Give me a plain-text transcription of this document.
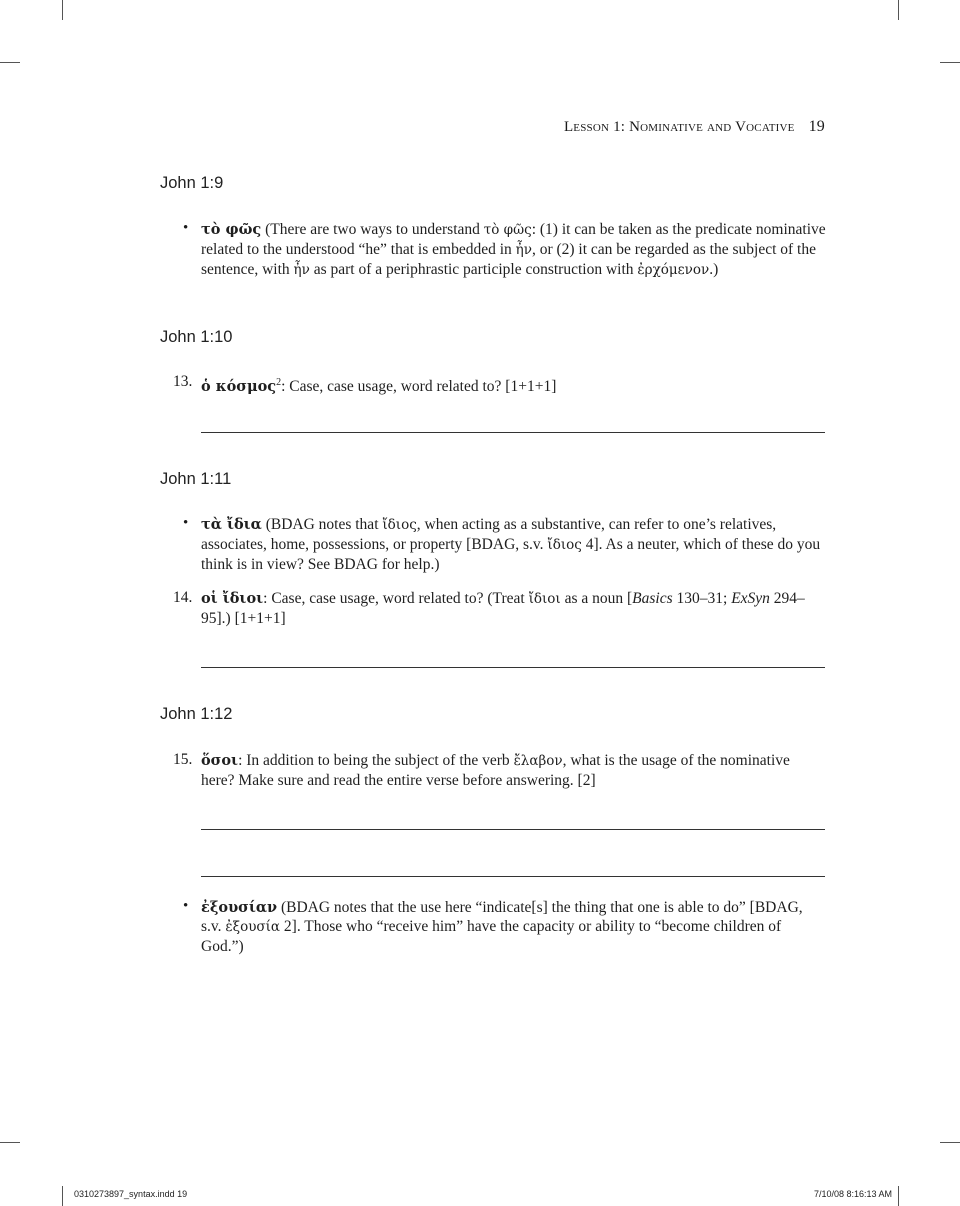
Lesson 1: Nominative and Vocative 19
John 1:9
• τὸ φῶς (There are two ways to understand τὸ φῶς: (1) it can be taken as the predicate nominative related to the understood “he” that is embedded in ἦν, or (2) it can be regarded as the subject of the sentence, with ἦν as part of a periphrastic participle construction with ἐρχόμενον.)
John 1:10
13. ὁ κόσμος$^2$: Case, case usage, word related to? [1+1+1]
John 1:11
• τὰ ἴδια (BDAG notes that ἴδιος, when acting as a substantive, can refer to one’s relatives, associates, home, possessions, or property [BDAG, s.v. ἴδιος 4]. As a neuter, which of these do you think is in view? See BDAG for help.)
14. οἱ ἴδιοι: Case, case usage, word related to? (Treat ἴδιοι as a noun [Basics 130–31; ExSyn 294–95].) [1+1+1]
John 1:12
15. ὅσοι: In addition to being the subject of the verb ἔλαβον, what is the usage of the nominative here? Make sure and read the entire verse before answering. [2]
• ἐξουσίαν (BDAG notes that the use here “indicate[s] the thing that one is able to do” [BDAG, s.v. ἐξουσία 2]. Those who “receive him” have the capacity or ability to “become children of God.”)
0310273897_syntax.indd 19	7/10/08 8:16:13 AM
